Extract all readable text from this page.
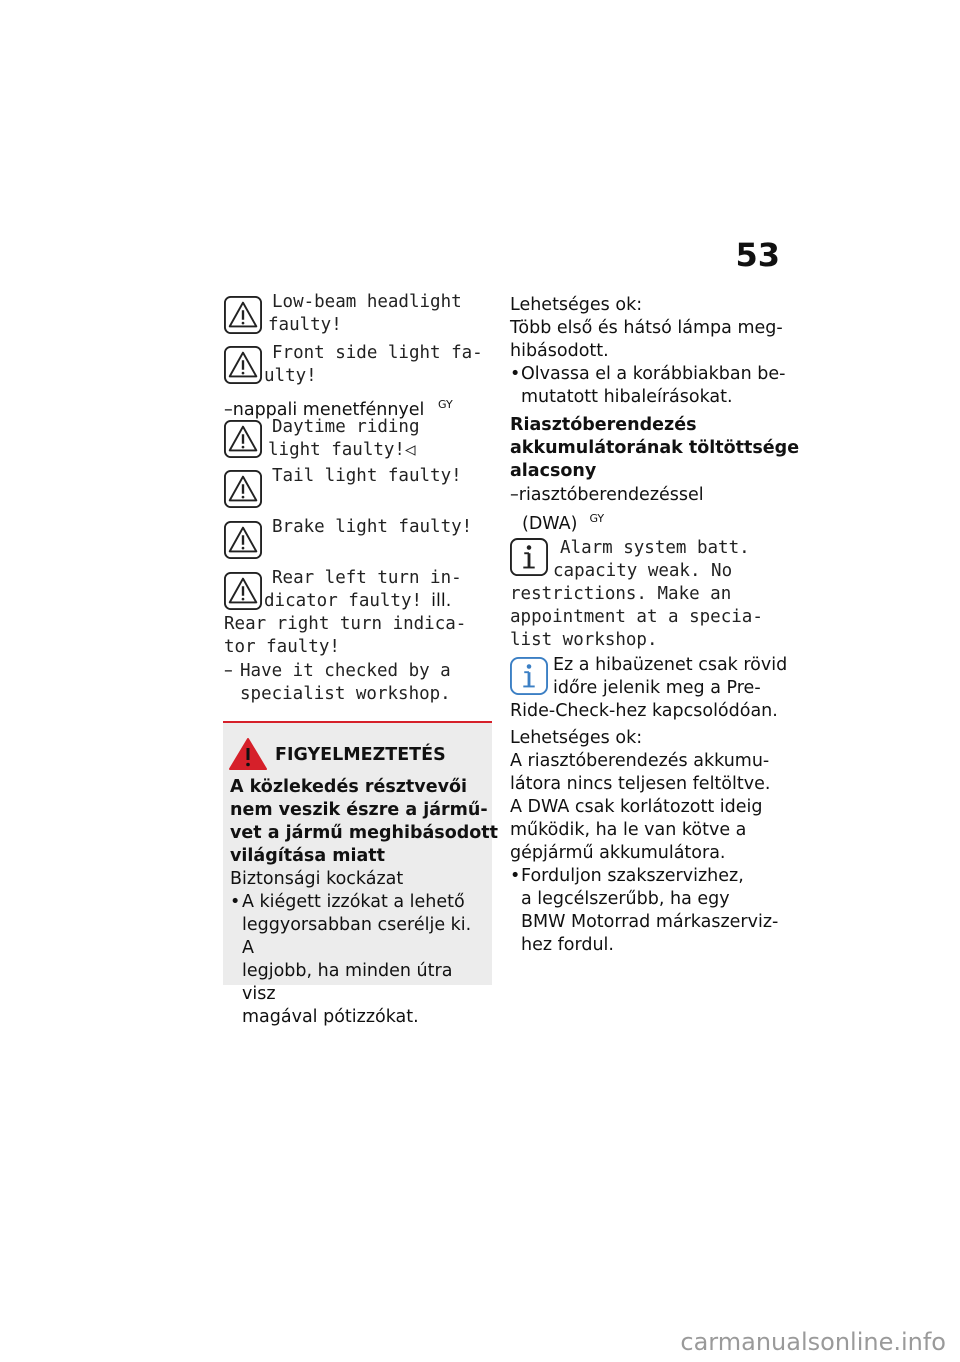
53
Low-beam headlight
faulty!
Front side light fa-
ulty!
–nappali menetfénnyel $^{GY}$
Daytime riding
light faulty!◁
Tail light faulty!
Brake light faulty!
Rear left turn in-
dicator faulty! ill.
Rear right turn indica-
tor faulty!
– Have it checked by a
specialist workshop.
FIGYELMEZTETÉS
A közlekedés résztvevői
nem veszik észre a jármű-
vet a jármű meghibásodott
világítása miatt
Biztonsági kockázat
• A kiégett izzókat a lehető
leggyorsabban cserélje ki. A
legjobb, ha minden útra visz
magával pótizzókat.
Lehetséges ok:
Több első és hátsó lámpa meg-
hibásodott.
• Olvassa el a korábbiakban be-
mutatott hibaleírásokat.
Riasztóberendezés
akkumulátorának töltöttsége
alacsony
–riasztóberendezéssel
(DWA) $^{GY}$
Alarm system batt.
capacity weak. No
restrictions. Make an
appointment at a specia-
list workshop.
Ez a hibaüzenet csak rövid
időre jelenik meg a Pre-
Ride-Check-hez kapcsolódóan.
Lehetséges ok:
A riasztóberendezés akkumu-
látora nincs teljesen feltöltve.
A DWA csak korlátozott ideig
működik, ha le van kötve a
gépjármű akkumulátora.
• Forduljon szakszervizhez,
a legcélszerűbb, ha egy
BMW Motorrad márkaszerviz-
hez fordul.
carmanualsonline.info
